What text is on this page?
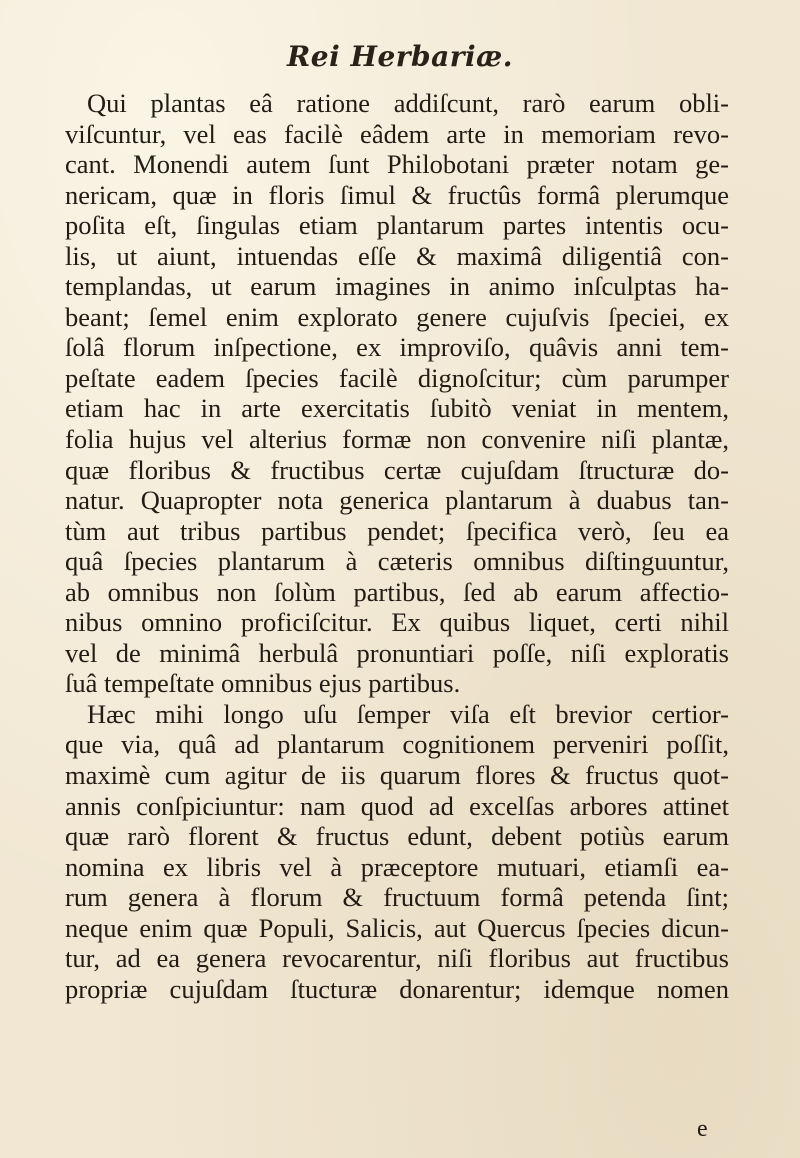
Rei Herbariæ.
Qui plantas eâ ratione addiſcunt, rarò earum obli-
viſcuntur, vel eas facilè eâdem arte in memoriam revo-
cant. Monendi autem ſunt Philobotani præter notam ge-
nericam, quæ in floris ſimul & fructûs formâ plerumque
poſita eſt, ſingulas etiam plantarum partes intentis ocu-
lis, ut aiunt, intuendas eſſe & maximâ diligentiâ con-
templandas, ut earum imagines in animo inſculptas ha-
beant; ſemel enim explorato genere cujuſvis ſpeciei, ex
ſolâ florum inſpectione, ex improviſo, quâvis anni tem-
peſtate eadem ſpecies facilè dignoſcitur; cùm parumper
etiam hac in arte exercitatis ſubitò veniat in mentem,
folia hujus vel alterius formæ non convenire niſi plantæ,
quæ floribus & fructibus certæ cujuſdam ſtructuræ do-
natur. Quapropter nota generica plantarum à duabus tan-
tùm aut tribus partibus pendet; ſpecifica verò, ſeu ea
quâ ſpecies plantarum à cæteris omnibus diſtinguuntur,
ab omnibus non ſolùm partibus, ſed ab earum affectio-
nibus omnino proficiſcitur. Ex quibus liquet, certi nihil
vel de minimâ herbulâ pronuntiari poſſe, niſi exploratis
ſuâ tempeſtate omnibus ejus partibus.
Hæc mihi longo uſu ſemper viſa eſt brevior certior-
que via, quâ ad plantarum cognitionem perveniri poſſit,
maximè cum agitur de iis quarum flores & fructus quot-
annis conſpiciuntur: nam quod ad excelſas arbores attinet
quæ rarò florent & fructus edunt, debent potiùs earum
nomina ex libris vel à præceptore mutuari, etiamſi ea-
rum genera à florum & fructuum formâ petenda ſint;
neque enim quæ Populi, Salicis, aut Quercus ſpecies dicun-
tur, ad ea genera revocarentur, niſi floribus aut fructibus
propriæ cujuſdam ſtucturæ donarentur; idemque nomen
e
